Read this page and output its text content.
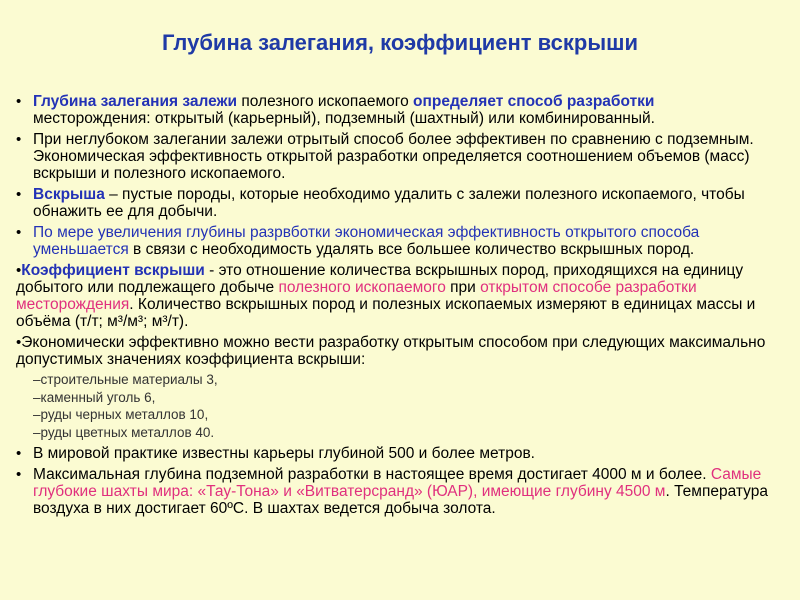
Глубина залегания, коэффициент вскрыши
• Глубина залегания залежи полезного ископаемого определяет способ разработки месторождения: открытый (карьерный), подземный (шахтный) или комбинированный.
• При неглубоком залегании залежи отрытый способ более эффективен по сравнению с подземным. Экономическая эффективность открытой разработки определяется соотношением объемов (масс) вскрыши и полезного ископаемого.
• Вскрыша – пустые породы, которые необходимо удалить с залежи полезного ископаемого, чтобы обнажить ее для добычи.
• По мере увеличения глубины разрвботки экономическая эффективность открытого способа уменьшается в связи с необходимость удалять все большее количество вскрышных пород.
•Коэффициент вскрыши - это отношение количества вскрышных пород, приходящихся на единицу добытого или подлежащего добыче полезного ископаемого при открытом способе разработки месторождения. Количество вскрышных пород и полезных ископаемых измеряют в единицах массы и объёма (т/т; м³/м³; м³/т).
•Экономически эффективно можно вести разработку открытым способом при следующих максимально допустимых значениях коэффициента вскрыши:
–строительные материалы 3,
–каменный уголь 6,
–руды черных металлов 10,
–руды цветных металлов 40.
• В мировой практике известны карьеры глубиной 500 и более метров.
• Максимальная глубина подземной разработки в настоящее время достигает 4000 м и более. Самые глубокие шахты мира: «Тау-Тона» и «Витватерсранд» (ЮАР), имеющие глубину 4500 м. Температура воздуха в них достигает 60ºС. В шахтах ведется добыча золота.
